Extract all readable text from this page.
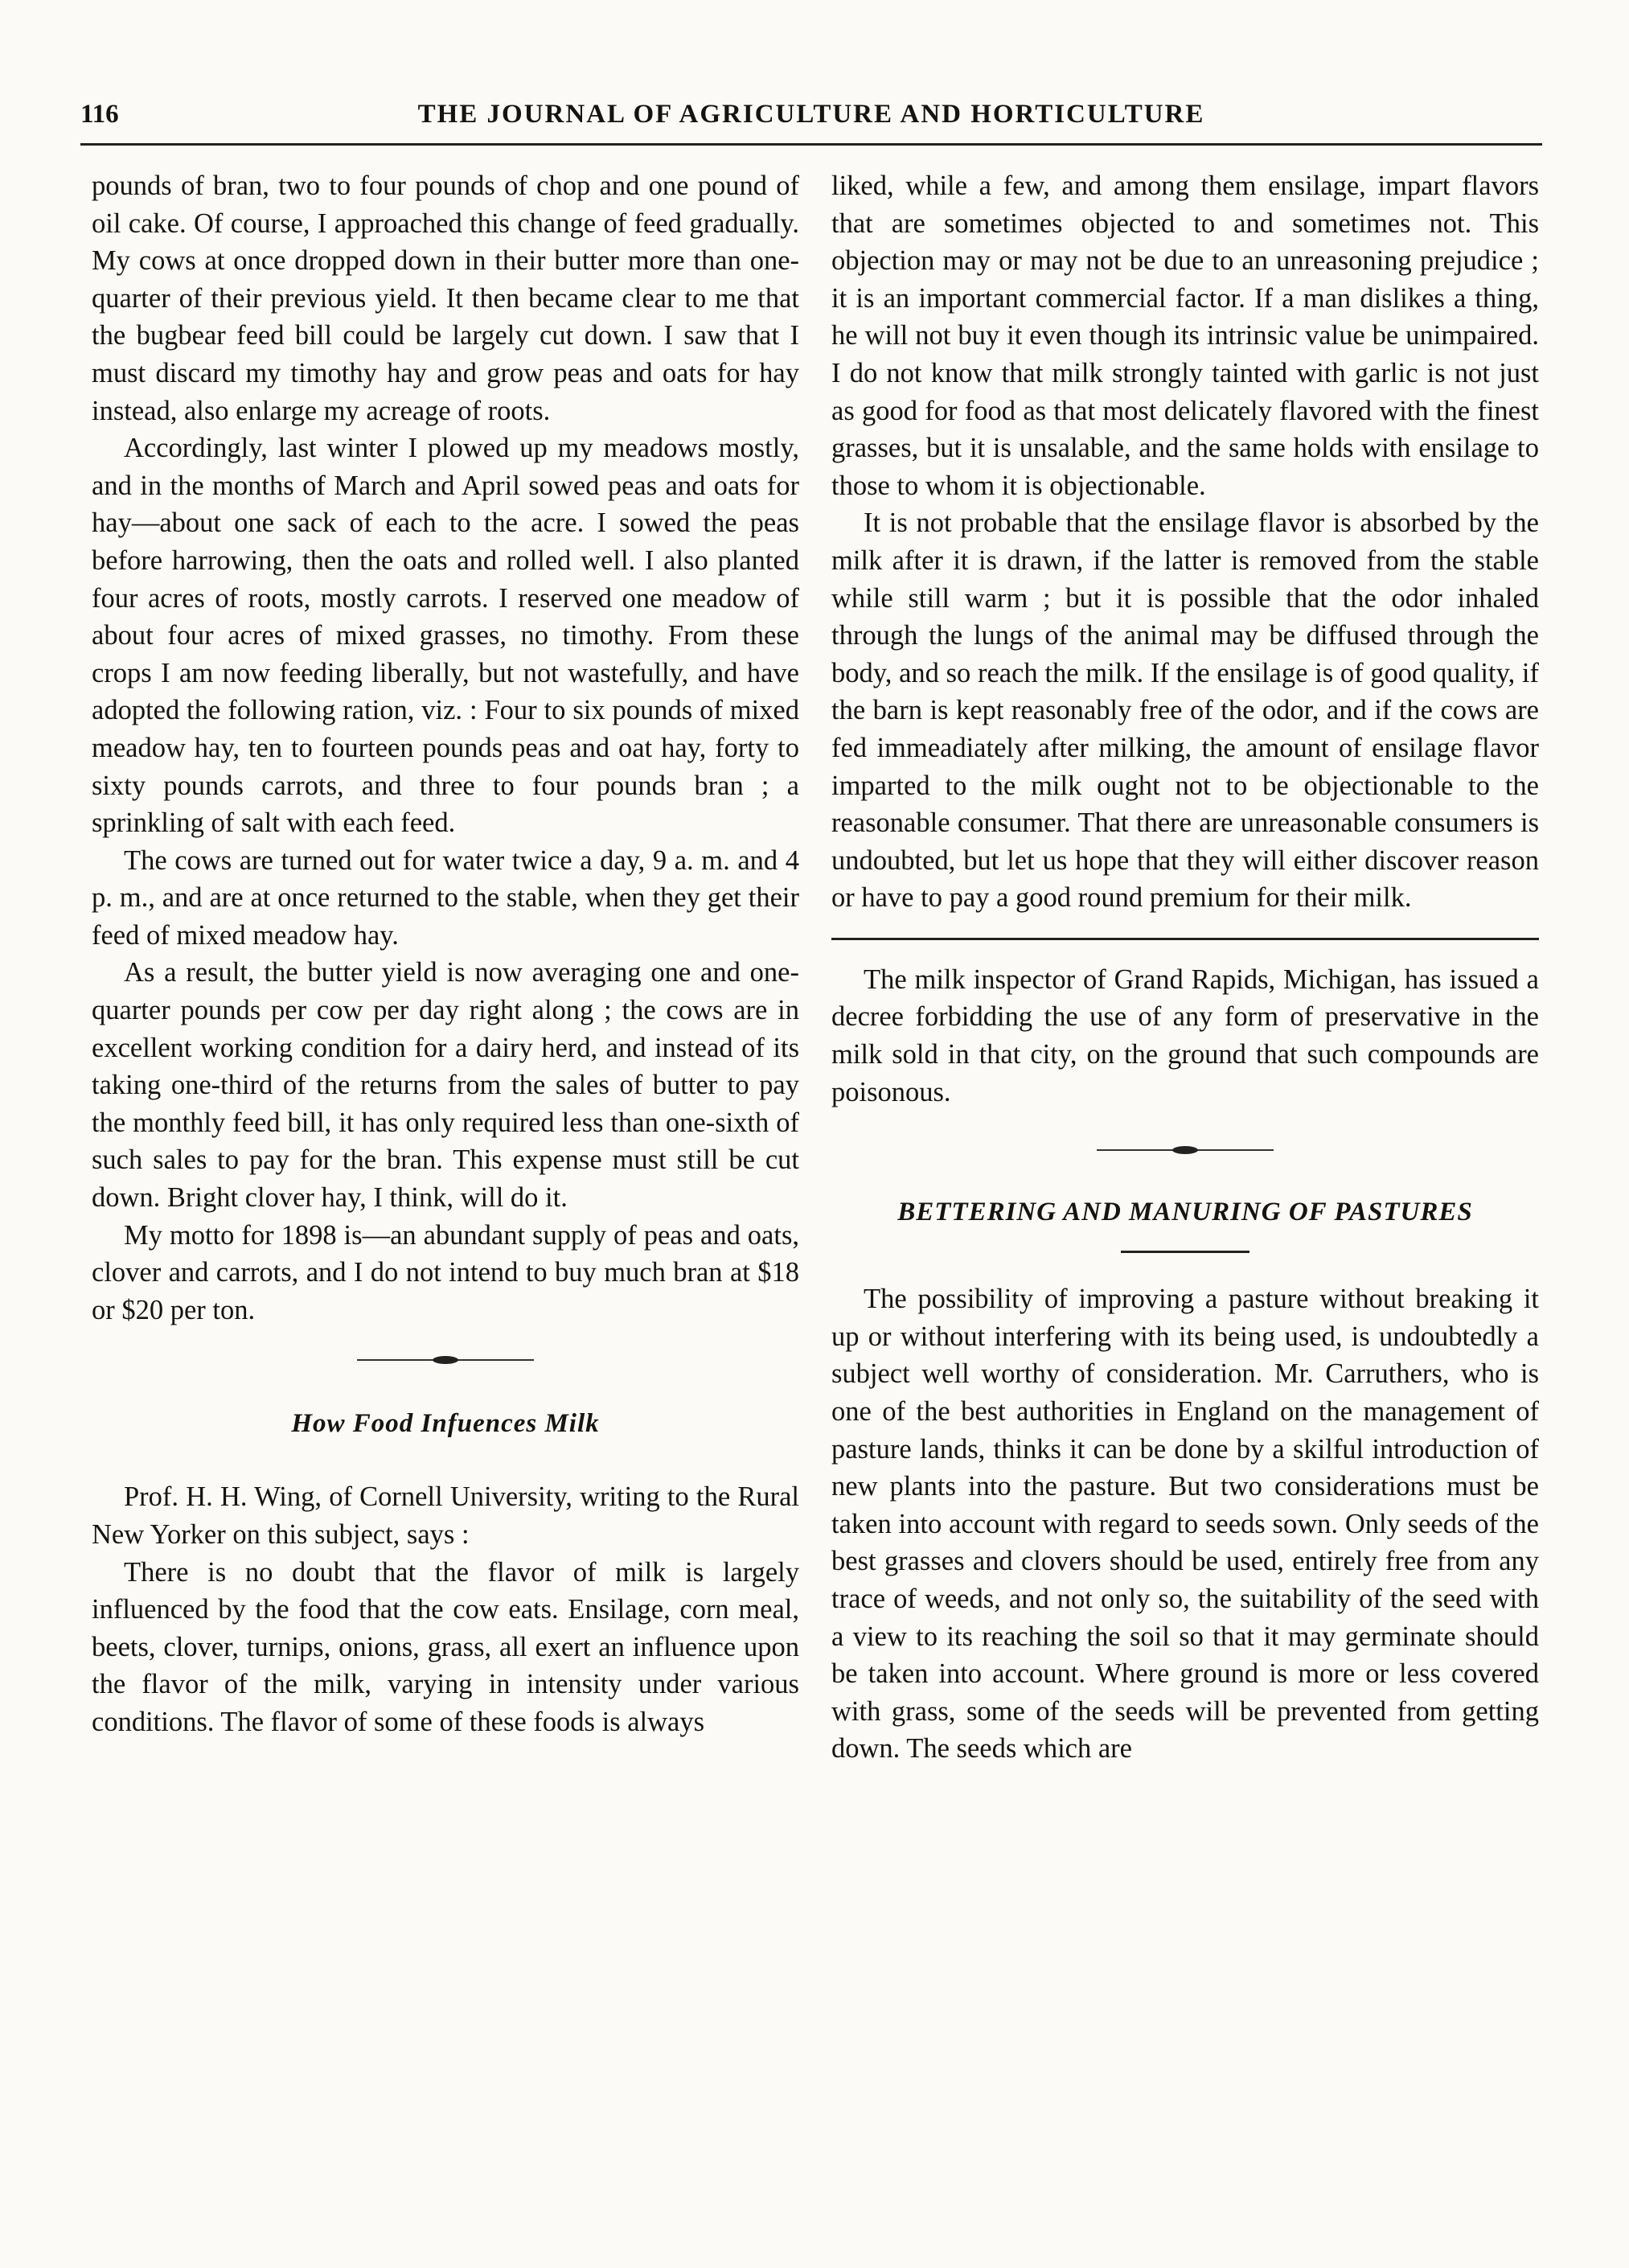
116	THE JOURNAL OF AGRICULTURE AND HORTICULTURE

pounds of bran, two to four pounds of chop and one pound of oil cake. Of course, I approached this change of feed gradually. My cows at once dropped down in their butter more than one-quarter of their previous yield. It then became clear to me that the bugbear feed bill could be largely cut down. I saw that I must discard my timothy hay and grow peas and oats for hay instead, also enlarge my acreage of roots.

Accordingly, last winter I plowed up my meadows mostly, and in the months of March and April sowed peas and oats for hay—about one sack of each to the acre. I sowed the peas before harrowing, then the oats and rolled well. I also planted four acres of roots, mostly carrots. I reserved one meadow of about four acres of mixed grasses, no timothy. From these crops I am now feeding liberally, but not wastefully, and have adopted the following ration, viz. : Four to six pounds of mixed meadow hay, ten to fourteen pounds peas and oat hay, forty to sixty pounds carrots, and three to four pounds bran ; a sprinkling of salt with each feed.

The cows are turned out for water twice a day, 9 a. m. and 4 p. m., and are at once returned to the stable, when they get their feed of mixed meadow hay.

As a result, the butter yield is now averaging one and one-quarter pounds per cow per day right along ; the cows are in excellent working condition for a dairy herd, and instead of its taking one-third of the returns from the sales of butter to pay the monthly feed bill, it has only required less than one-sixth of such sales to pay for the bran. This expense must still be cut down. Bright clover hay, I think, will do it.

My motto for 1898 is—an abundant supply of peas and oats, clover and carrots, and I do not intend to buy much bran at $18 or $20 per ton.

How Food Infuences Milk

Prof. H. H. Wing, of Cornell University, writing to the Rural New Yorker on this subject, says :

There is no doubt that the flavor of milk is largely influenced by the food that the cow eats. Ensilage, corn meal, beets, clover, turnips, onions, grass, all exert an influence upon the flavor of the milk, varying in intensity under various conditions. The flavor of some of these foods is always

liked, while a few, and among them ensilage, impart flavors that are sometimes objected to and sometimes not. This objection may or may not be due to an unreasoning prejudice ; it is an important commercial factor. If a man dislikes a thing, he will not buy it even though its intrinsic value be unimpaired. I do not know that milk strongly tainted with garlic is not just as good for food as that most delicately flavored with the finest grasses, but it is unsalable, and the same holds with ensilage to those to whom it is objectionable.

It is not probable that the ensilage flavor is absorbed by the milk after it is drawn, if the latter is removed from the stable while still warm ; but it is possible that the odor inhaled through the lungs of the animal may be diffused through the body, and so reach the milk. If the ensilage is of good quality, if the barn is kept reasonably free of the odor, and if the cows are fed immeadiately after milking, the amount of ensilage flavor imparted to the milk ought not to be objectionable to the reasonable consumer. That there are unreasonable consumers is undoubted, but let us hope that they will either discover reason or have to pay a good round premium for their milk.

The milk inspector of Grand Rapids, Michigan, has issued a decree forbidding the use of any form of preservative in the milk sold in that city, on the ground that such compounds are poisonous.

BETTERING AND MANURING OF PASTURES

The possibility of improving a pasture without breaking it up or without interfering with its being used, is undoubtedly a subject well worthy of consideration. Mr. Carruthers, who is one of the best authorities in England on the management of pasture lands, thinks it can be done by a skilful introduction of new plants into the pasture. But two considerations must be taken into account with regard to seeds sown. Only seeds of the best grasses and clovers should be used, entirely free from any trace of weeds, and not only so, the suitability of the seed with a view to its reaching the soil so that it may germinate should be taken into account. Where ground is more or less covered with grass, some of the seeds will be prevented from getting down. The seeds which are
